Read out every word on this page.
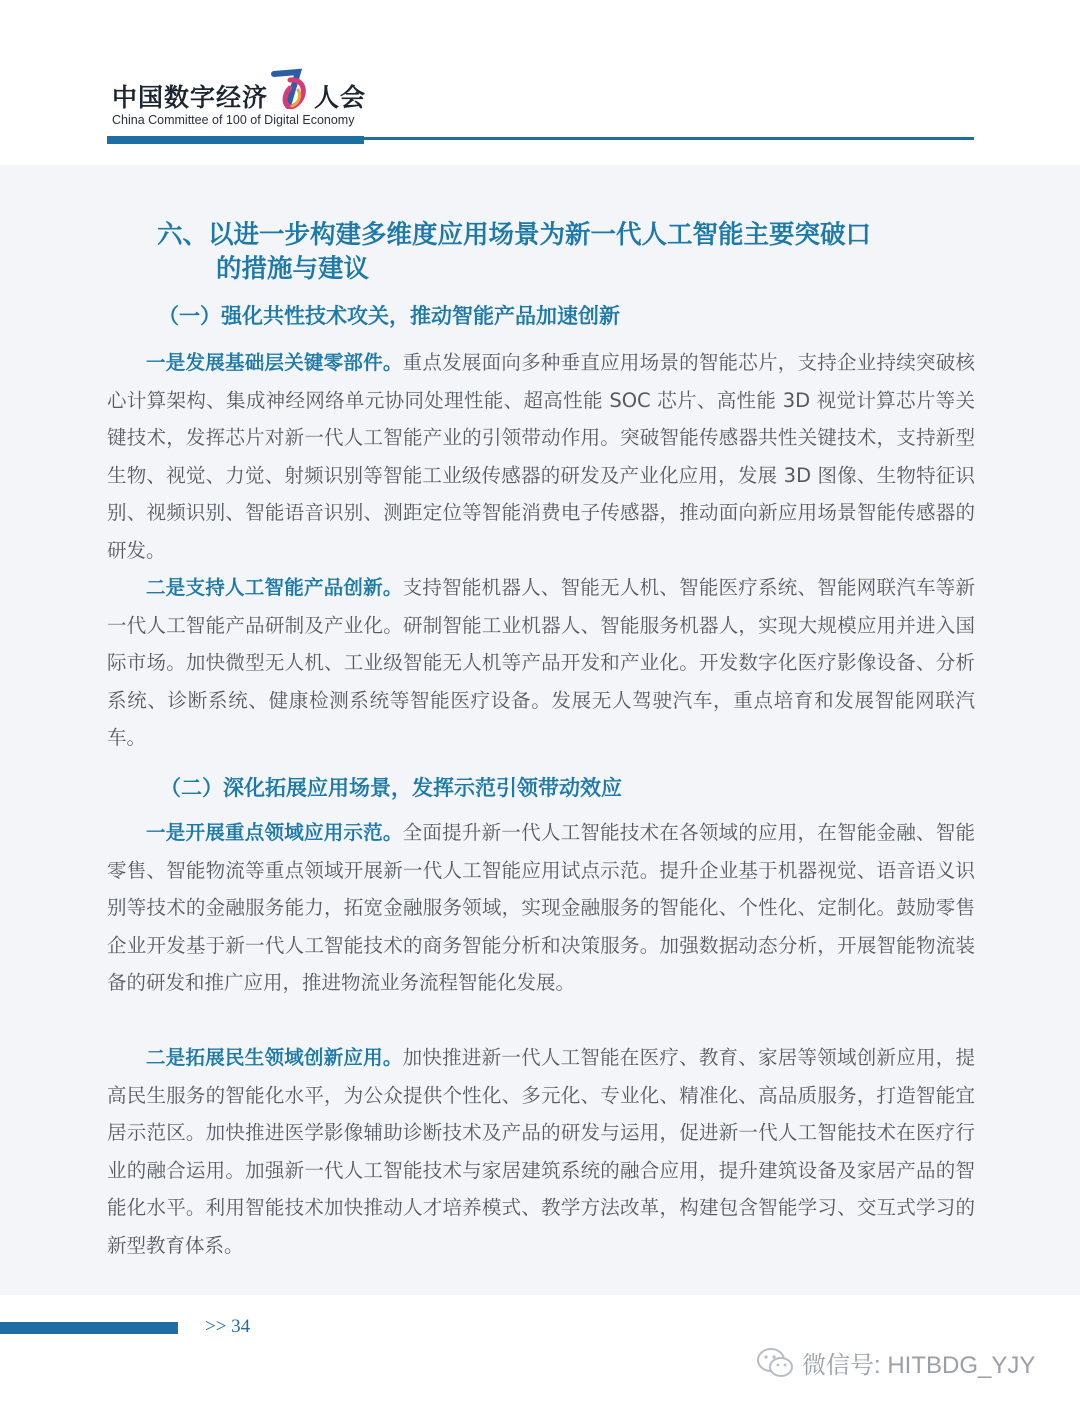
中国数字经济 人会
China Committee of 100 of Digital Economy
六、以进一步构建多维度应用场景为新一代人工智能主要突破口
的措施与建议
（一）强化共性技术攻关，推动智能产品加速创新

一是发展基础层关键零部件。重点发展面向多种垂直应用场景的智能芯片，支持企业持续突破核心计算架构、集成神经网络单元协同处理性能、超高性能 SOC 芯片、高性能 3D 视觉计算芯片等关键技术，发挥芯片对新一代人工智能产业的引领带动作用。突破智能传感器共性关键技术，支持新型生物、视觉、力觉、射频识别等智能工业级传感器的研发及产业化应用，发展 3D 图像、生物特征识别、视频识别、智能语音识别、测距定位等智能消费电子传感器，推动面向新应用场景智能传感器的研发。

二是支持人工智能产品创新。支持智能机器人、智能无人机、智能医疗系统、智能网联汽车等新一代人工智能产品研制及产业化。研制智能工业机器人、智能服务机器人，实现大规模应用并进入国际市场。加快微型无人机、工业级智能无人机等产品开发和产业化。开发数字化医疗影像设备、分析系统、诊断系统、健康检测系统等智能医疗设备。发展无人驾驶汽车，重点培育和发展智能网联汽车。

（二）深化拓展应用场景，发挥示范引领带动效应

一是开展重点领域应用示范。全面提升新一代人工智能技术在各领域的应用，在智能金融、智能零售、智能物流等重点领域开展新一代人工智能应用试点示范。提升企业基于机器视觉、语音语义识别等技术的金融服务能力，拓宽金融服务领域，实现金融服务的智能化、个性化、定制化。鼓励零售企业开发基于新一代人工智能技术的商务智能分析和决策服务。加强数据动态分析，开展智能物流装备的研发和推广应用，推进物流业务流程智能化发展。

二是拓展民生领域创新应用。加快推进新一代人工智能在医疗、教育、家居等领域创新应用，提高民生服务的智能化水平，为公众提供个性化、多元化、专业化、精准化、高品质服务，打造智能宜居示范区。加快推进医学影像辅助诊断技术及产品的研发与运用，促进新一代人工智能技术在医疗行业的融合运用。加强新一代人工智能技术与家居建筑系统的融合应用，提升建筑设备及家居产品的智能化水平。利用智能技术加快推动人才培养模式、教学方法改革，构建包含智能学习、交互式学习的新型教育体系。

>> 34
微信号: HITBDG_YJY
